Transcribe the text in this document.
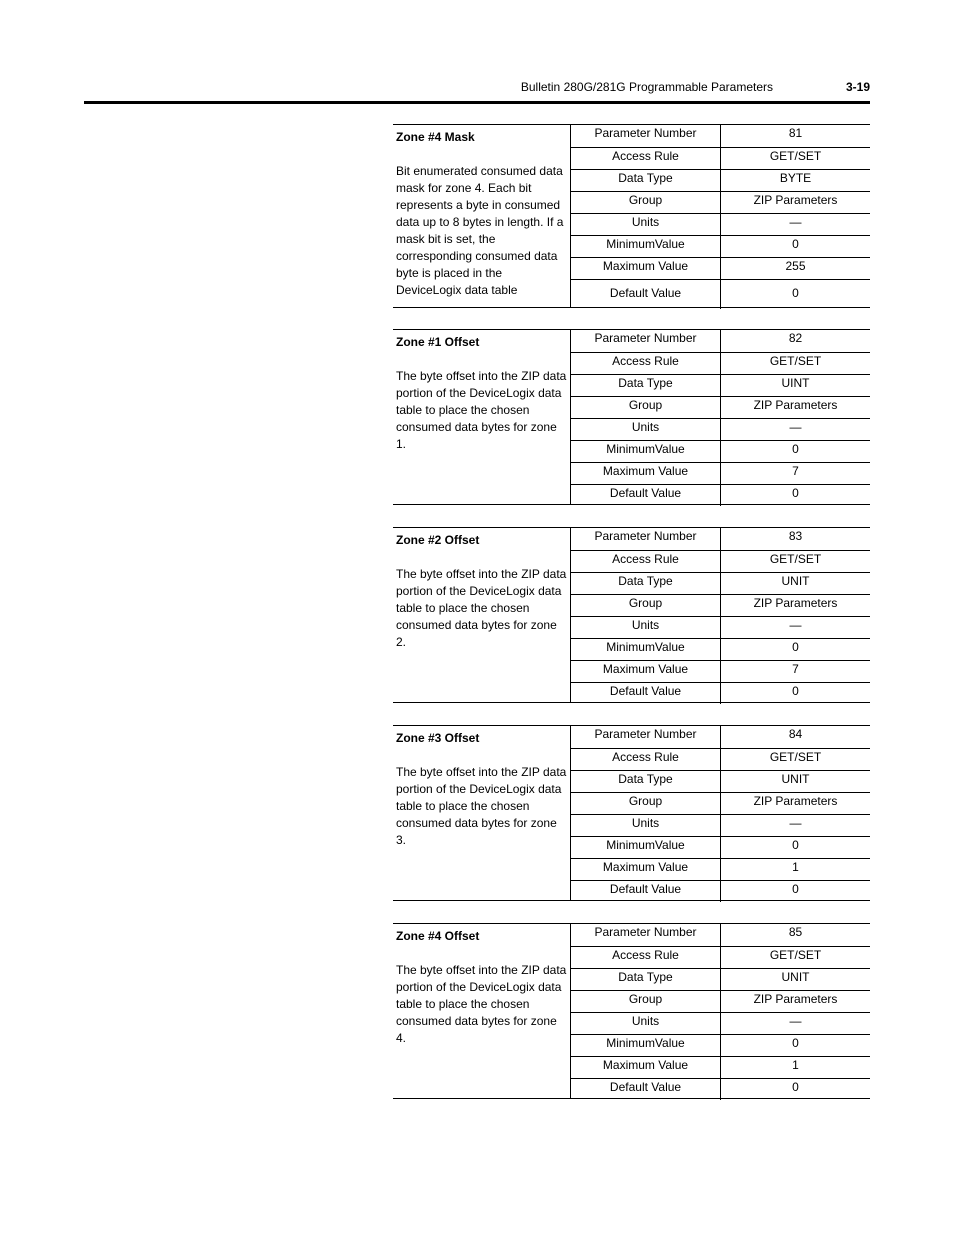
Bulletin 280G/281G Programmable Parameters	3-19
Zone #4 Mask
Bit enumerated consumed data mask for zone 4. Each bit represents a byte in consumed data up to 8 bytes in length. If a mask bit is set, the corresponding consumed data byte is placed in the DeviceLogix data table
Parameter Number	81
Access Rule	GET/SET
Data Type	BYTE
Group	ZIP Parameters
Units	—
MinimumValue	0
Maximum Value	255
Default Value	0
Zone #1 Offset
The byte offset into the ZIP data portion of the DeviceLogix data table to place the chosen consumed data bytes for zone 1.
Parameter Number	82
Access Rule	GET/SET
Data Type	UINT
Group	ZIP Parameters
Units	—
MinimumValue	0
Maximum Value	7
Default Value	0
Zone #2 Offset
The byte offset into the ZIP data portion of the DeviceLogix data table to place the chosen consumed data bytes for zone 2.
Parameter Number	83
Access Rule	GET/SET
Data Type	UNIT
Group	ZIP Parameters
Units	—
MinimumValue	0
Maximum Value	7
Default Value	0
Zone #3 Offset
The byte offset into the ZIP data portion of the DeviceLogix data table to place the chosen consumed data bytes for zone 3.
Parameter Number	84
Access Rule	GET/SET
Data Type	UNIT
Group	ZIP Parameters
Units	—
MinimumValue	0
Maximum Value	1
Default Value	0
Zone #4 Offset
The byte offset into the ZIP data portion of the DeviceLogix data table to place the chosen consumed data bytes for zone 4.
Parameter Number	85
Access Rule	GET/SET
Data Type	UNIT
Group	ZIP Parameters
Units	—
MinimumValue	0
Maximum Value	1
Default Value	0
